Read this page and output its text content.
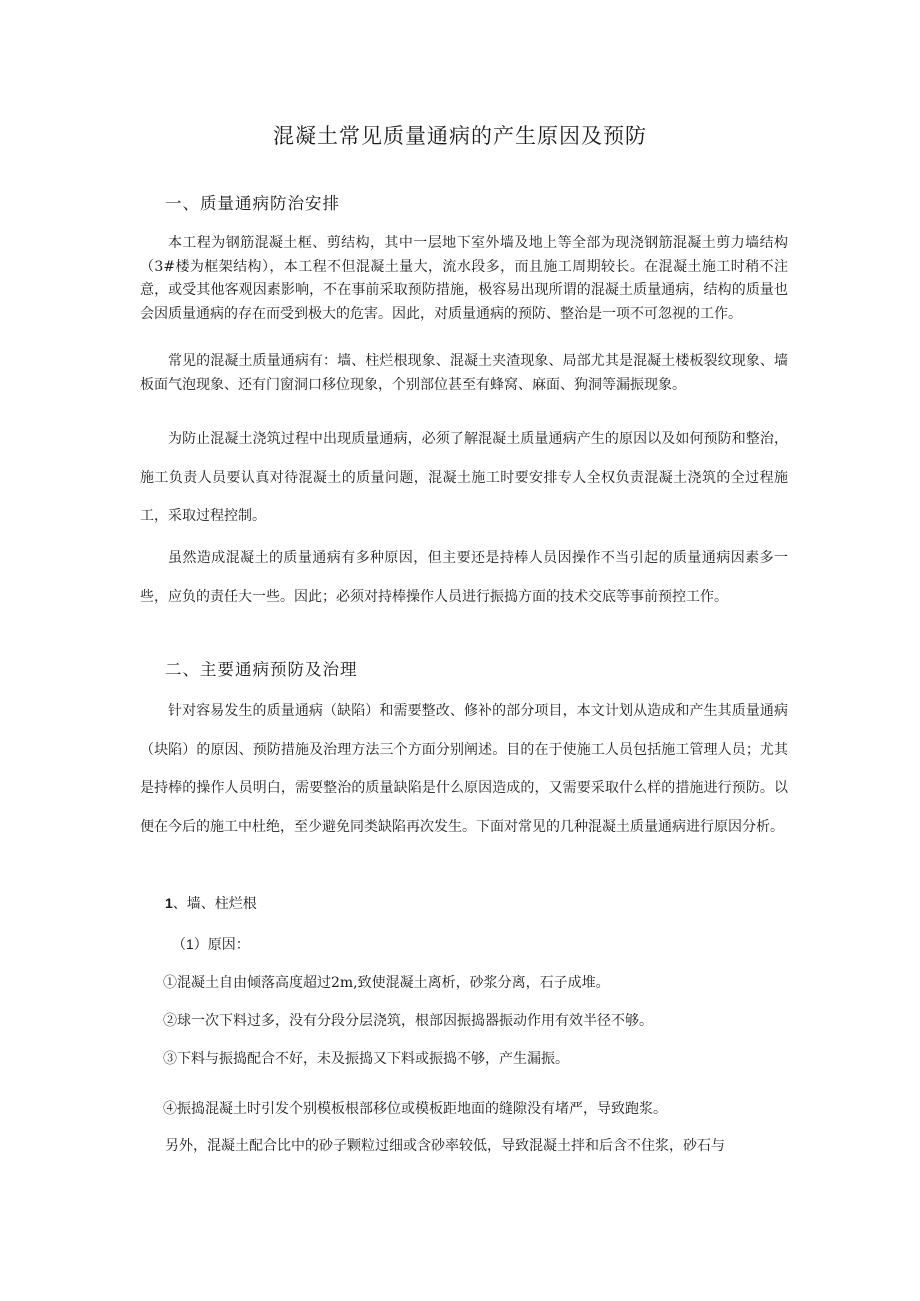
混凝土常见质量通病的产生原因及预防
一、质量通病防治安排

本工程为钢筋混凝土框、剪结构，其中一层地下室外墙及地上等全部为现浇钢筋混凝土剪力墙结构（3#楼为框架结构），本工程不但混凝土量大，流水段多，而且施工周期较长。在混凝土施工时稍不注意，或受其他客观因素影响，不在事前采取预防措施，极容易出现所谓的混凝土质量通病，结构的质量也会因质量通病的存在而受到极大的危害。因此，对质量通病的预防、整治是一项不可忽视的工作。

常见的混凝土质量通病有：墙、柱烂根现象、混凝土夹渣现象、局部尤其是混凝土楼板裂纹现象、墙板面气泡现象、还有门窗洞口移位现象，个别部位甚至有蜂窝、麻面、狗洞等漏振现象。

为防止混凝土浇筑过程中出现质量通病，必须了解混凝土质量通病产生的原因以及如何预防和整治，施工负责人员要认真对待混凝土的质量问题，混凝土施工时要安排专人全权负责混凝土浇筑的全过程施工，采取过程控制。

虽然造成混凝土的质量通病有多种原因，但主要还是持棒人员因操作不当引起的质量通病因素多一些，应负的责任大一些。因此；必须对持棒操作人员进行振捣方面的技术交底等事前预控工作。

二、主要通病预防及治理

针对容易发生的质量通病（缺陷）和需要整改、修补的部分项目，本文计划从造成和产生其质量通病（块陷）的原因、预防措施及治理方法三个方面分别阐述。目的在于使施工人员包括施工管理人员；尤其是持棒的操作人员明白，需要整治的质量缺陷是什么原因造成的，又需要采取什么样的措施进行预防。以便在今后的施工中杜绝，至少避免同类缺陷再次发生。下面对常见的几种混凝土质量通病进行原因分析。

1、墙、柱烂根

（1）原因：

①混凝土自由倾落高度超过2m,致使混凝土离析，砂浆分离，石子成堆。

②球一次下料过多，没有分段分层浇筑，根部因振捣器振动作用有效半径不够。

③下料与振捣配合不好，未及振捣又下料或振捣不够，产生漏振。

④振捣混凝土时引发个别模板根部移位或模板距地面的缝隙没有堵严，导致跑浆。

另外，混凝土配合比中的砂子颗粒过细或含砂率较低，导致混凝土拌和后含不住浆，砂石与
